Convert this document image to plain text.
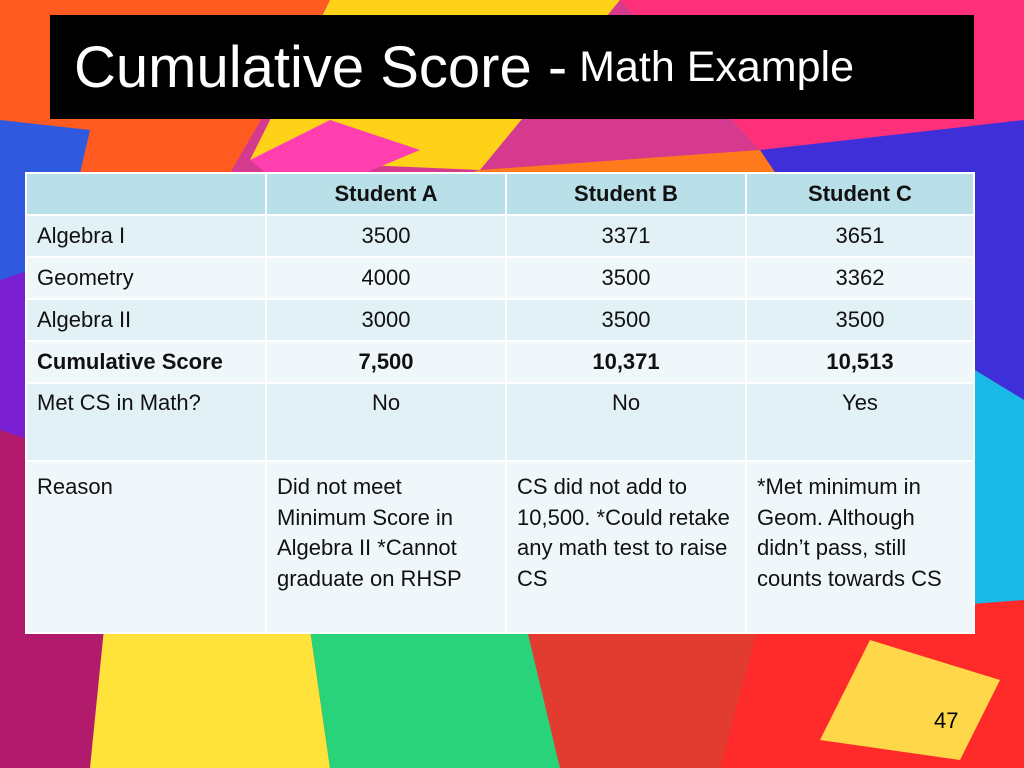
Cumulative Score - Math Example
	Student A	Student B	Student C
Algebra I	3500	3371	3651
Geometry	4000	3500	3362
Algebra II	3000	3500	3500
Cumulative Score	7,500	10,371	10,513
Met CS in Math?	No	No	Yes
Reason	Did not meet Minimum Score in Algebra II *Cannot graduate on RHSP	CS did not add to 10,500. *Could retake any math test to raise CS	*Met minimum in Geom. Although didn’t pass, still counts towards CS
47
